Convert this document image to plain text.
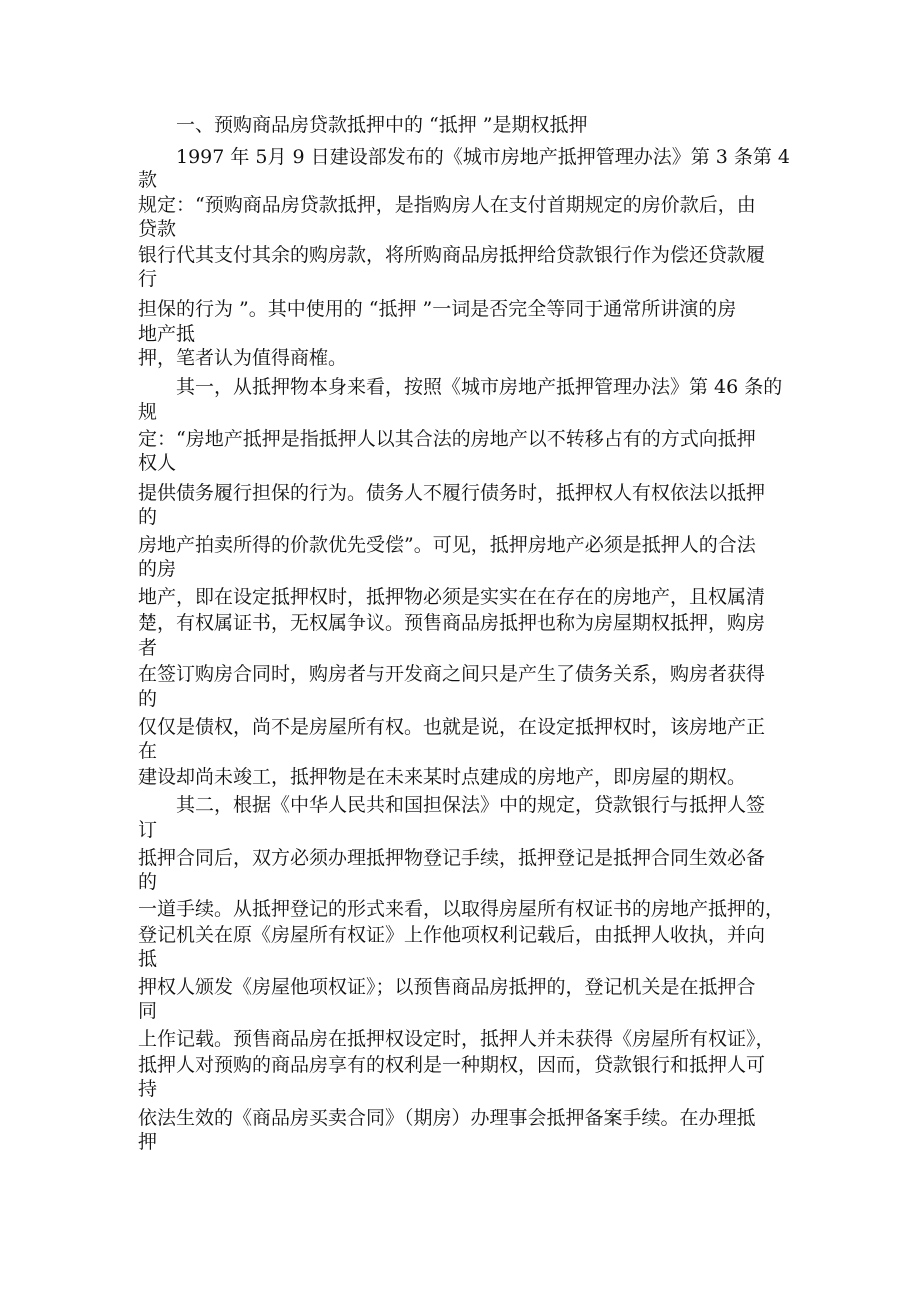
一、预购商品房贷款抵押中的 “抵押 ”是期权抵押
1997 年 5月 9 日建设部发布的《城市房地产抵押管理办法》第 3 条第 4
款
规定：“预购商品房贷款抵押，是指购房人在支付首期规定的房价款后，由
贷款
银行代其支付其余的购房款，将所购商品房抵押给贷款银行作为偿还贷款履
行
担保的行为 ”。其中使用的 “抵押 ”一词是否完全等同于通常所讲演的房
地产抵
押，笔者认为值得商榷。
其一，从抵押物本身来看，按照《城市房地产抵押管理办法》第 46 条的
规
定：“房地产抵押是指抵押人以其合法的房地产以不转移占有的方式向抵押
权人
提供债务履行担保的行为。债务人不履行债务时，抵押权人有权依法以抵押
的
房地产拍卖所得的价款优先受偿”。可见，抵押房地产必须是抵押人的合法
的房
地产，即在设定抵押权时，抵押物必须是实实在在存在的房地产，且权属清
楚，有权属证书，无权属争议。预售商品房抵押也称为房屋期权抵押，购房
者
在签订购房合同时，购房者与开发商之间只是产生了债务关系，购房者获得
的
仅仅是债权，尚不是房屋所有权。也就是说，在设定抵押权时，该房地产正
在
建设却尚未竣工，抵押物是在未来某时点建成的房地产，即房屋的期权。
其二，根据《中华人民共和国担保法》中的规定，贷款银行与抵押人签
订
抵押合同后，双方必须办理抵押物登记手续，抵押登记是抵押合同生效必备
的
一道手续。从抵押登记的形式来看，以取得房屋所有权证书的房地产抵押的，
登记机关在原《房屋所有权证》上作他项权利记载后，由抵押人收执，并向
抵
押权人颁发《房屋他项权证》；以预售商品房抵押的，登记机关是在抵押合
同
上作记载。预售商品房在抵押权设定时，抵押人并未获得《房屋所有权证》，
抵押人对预购的商品房享有的权利是一种期权，因而，贷款银行和抵押人可
持
依法生效的《商品房买卖合同》（期房）办理事会抵押备案手续。在办理抵
押
